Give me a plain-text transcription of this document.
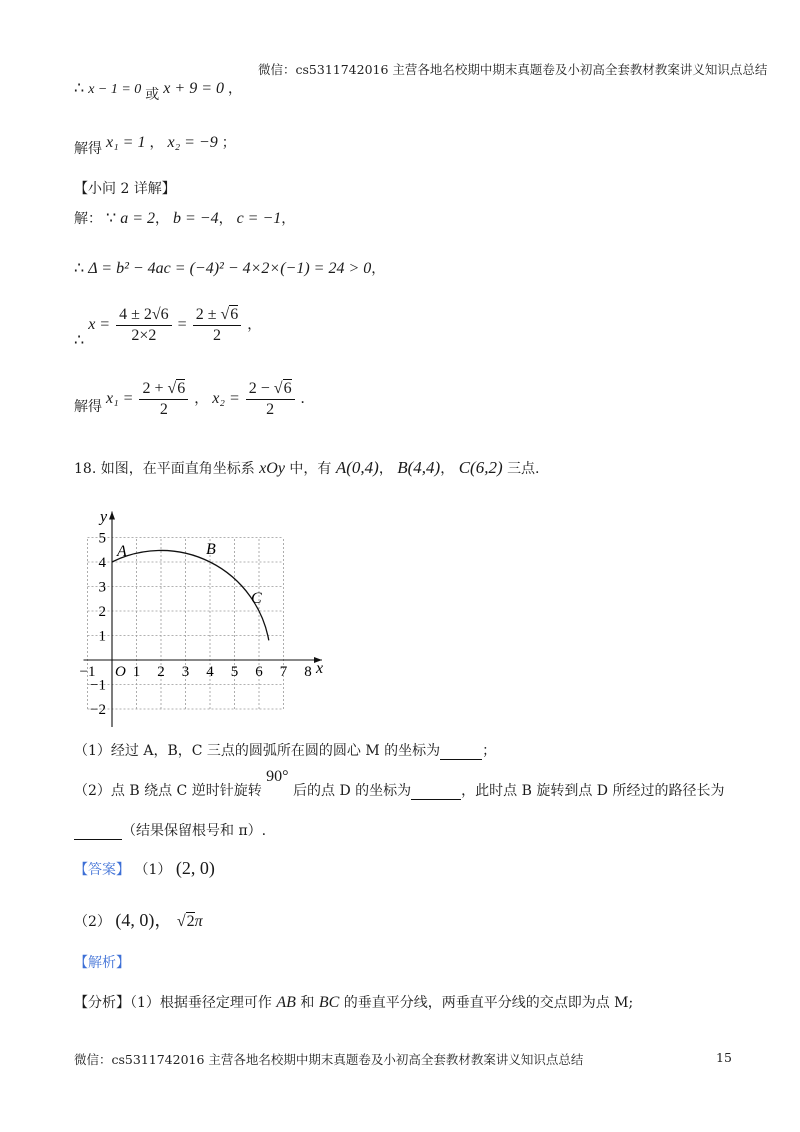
微信：cs5311742016 主营各地名校期中期末真题卷及小初高全套教材教案讲义知识点总结
∴ x − 1 = 0 或 x + 9 = 0 ，
解得 x₁ = 1 ， x₂ = −9 ；
【小问 2 详解】
解： ∵ a = 2， b = −4， c = −1，
∴ Δ = b² − 4ac = (−4)² − 4×2×(−1) = 24 > 0，
∴ $x = \frac{4 \pm 2√6}{2\times 2} = \frac{2 \pm √6}{2}$ ，
解得 $x_1 = \frac{2 + √6}{2}$ ， $x_2 = \frac{2 - √6}{2}$ .
18. 如图，在平面直角坐标系 xOy 中，有 A(0,4)， B(4,4)， C(6,2) 三点.
x
y
−1 1 2 3 4 5 6 7 8
5
4
3
2
1
−1
−2
O
A	B
C
（1）经过 A，B，C 三点的圆弧所在圆的圆心 M 的坐标为	；
（2）点 B 绕点 C 逆时针旋转 90° 后的点 D 的坐标为	，此时点 B 旋转到点 D 所经过的路径长为
（结果保留根号和 π）.
【答案】 （1） (2, 0)
（2） (4, 0)， √2π
【解析】
【分析】（1）根据垂径定理可作 AB 和 BC 的垂直平分线，两垂直平分线的交点即为点 M;
微信：cs5311742016 主营各地名校期中期末真题卷及小初高全套教材教案讲义知识点总结	15
